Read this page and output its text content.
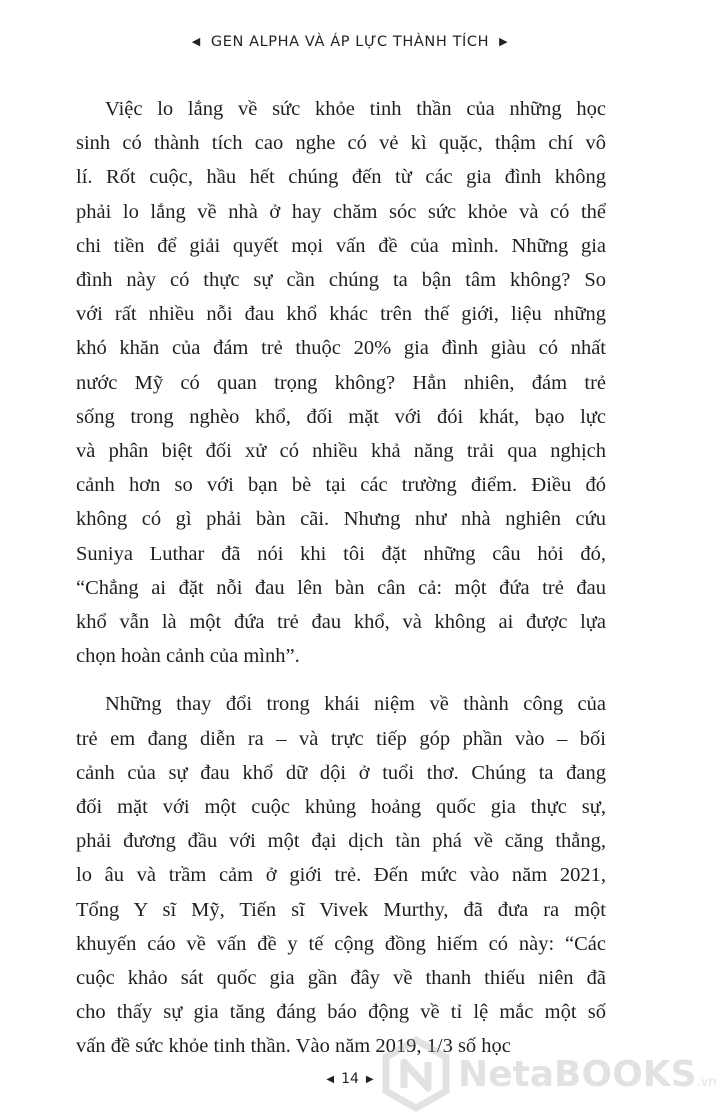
◀ GEN ALPHA VÀ ÁP LỰC THÀNH TÍCH ▶
Việc lo lắng về sức khỏe tinh thần của những học
sinh có thành tích cao nghe có vẻ kì quặc, thậm chí vô
lí. Rốt cuộc, hầu hết chúng đến từ các gia đình không
phải lo lắng về nhà ở hay chăm sóc sức khỏe và có thể
chi tiền để giải quyết mọi vấn đề của mình. Những gia
đình này có thực sự cần chúng ta bận tâm không? So
với rất nhiều nỗi đau khổ khác trên thế giới, liệu những
khó khăn của đám trẻ thuộc 20% gia đình giàu có nhất
nước Mỹ có quan trọng không? Hẳn nhiên, đám trẻ
sống trong nghèo khổ, đối mặt với đói khát, bạo lực
và phân biệt đối xử có nhiều khả năng trải qua nghịch
cảnh hơn so với bạn bè tại các trường điểm. Điều đó
không có gì phải bàn cãi. Nhưng như nhà nghiên cứu
Suniya Luthar đã nói khi tôi đặt những câu hỏi đó,
“Chẳng ai đặt nỗi đau lên bàn cân cả: một đứa trẻ đau
khổ vẫn là một đứa trẻ đau khổ, và không ai được lựa
chọn hoàn cảnh của mình”.
Những thay đổi trong khái niệm về thành công của
trẻ em đang diễn ra – và trực tiếp góp phần vào – bối
cảnh của sự đau khổ dữ dội ở tuổi thơ. Chúng ta đang
đối mặt với một cuộc khủng hoảng quốc gia thực sự,
phải đương đầu với một đại dịch tàn phá về căng thẳng,
lo âu và trầm cảm ở giới trẻ. Đến mức vào năm 2021,
Tổng Y sĩ Mỹ, Tiến sĩ Vivek Murthy, đã đưa ra một
khuyến cáo về vấn đề y tế cộng đồng hiếm có này: “Các
cuộc khảo sát quốc gia gần đây về thanh thiếu niên đã
cho thấy sự gia tăng đáng báo động về tỉ lệ mắc một số
vấn đề sức khỏe tinh thần. Vào năm 2019, 1/3 số học
◀ 14 ▶	NetaBOOKS.vn
